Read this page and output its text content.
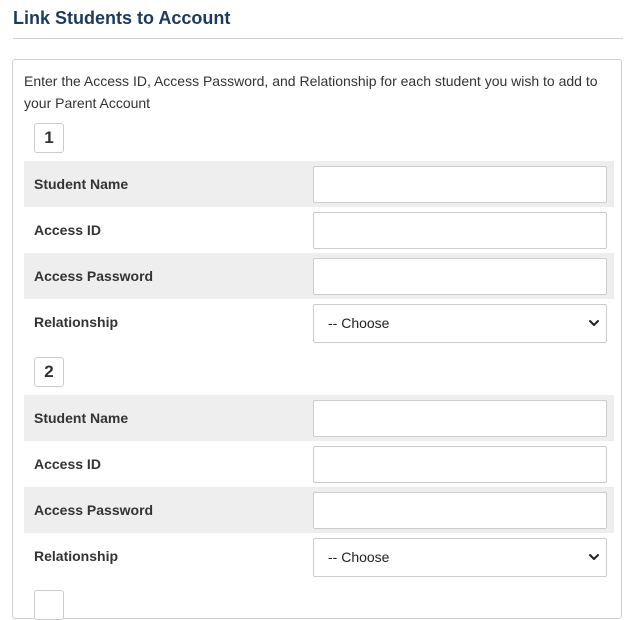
Link Students to Account

Enter the Access ID, Access Password, and Relationship for each student you wish to add to your Parent Account

1
Student Name
Access ID
Access Password
Relationship	-- Choose
2
Student Name
Access ID
Access Password
Relationship	-- Choose
